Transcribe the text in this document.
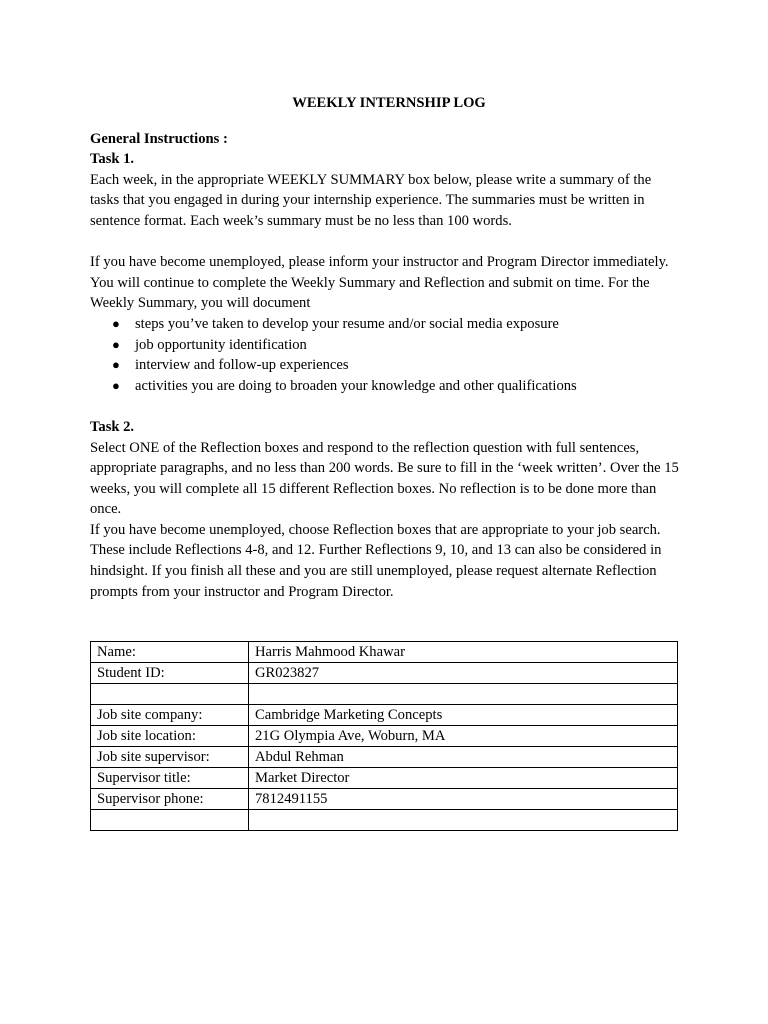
WEEKLY INTERNSHIP LOG

General Instructions :

Task 1.

Each week, in the appropriate WEEKLY SUMMARY box below, please write a summary of the tasks that you engaged in during your internship experience. The summaries must be written in sentence format. Each week’s summary must be no less than 100 words.

If you have become unemployed, please inform your instructor and Program Director immediately. You will continue to complete the Weekly Summary and Reflection and submit on time. For the Weekly Summary, you will document

● steps you’ve taken to develop your resume and/or social media exposure
● job opportunity identification
● interview and follow-up experiences
● activities you are doing to broaden your knowledge and other qualifications

Task 2.

Select ONE of the Reflection boxes and respond to the reflection question with full sentences, appropriate paragraphs, and no less than 200 words. Be sure to fill in the ‘week written’. Over the 15 weeks, you will complete all 15 different Reflection boxes. No reflection is to be done more than once.

If you have become unemployed, choose Reflection boxes that are appropriate to your job search. These include Reflections 4-8, and 12. Further Reflections 9, 10, and 13 can also be considered in hindsight. If you finish all these and you are still unemployed, please request alternate Reflection prompts from your instructor and Program Director.

Name:	Harris Mahmood Khawar
Student ID:	GR023827

Job site company:	Cambridge Marketing Concepts
Job site location:	21G Olympia Ave, Woburn, MA
Job site supervisor:	Abdul Rehman
Supervisor title:	Market Director
Supervisor phone:	7812491155
